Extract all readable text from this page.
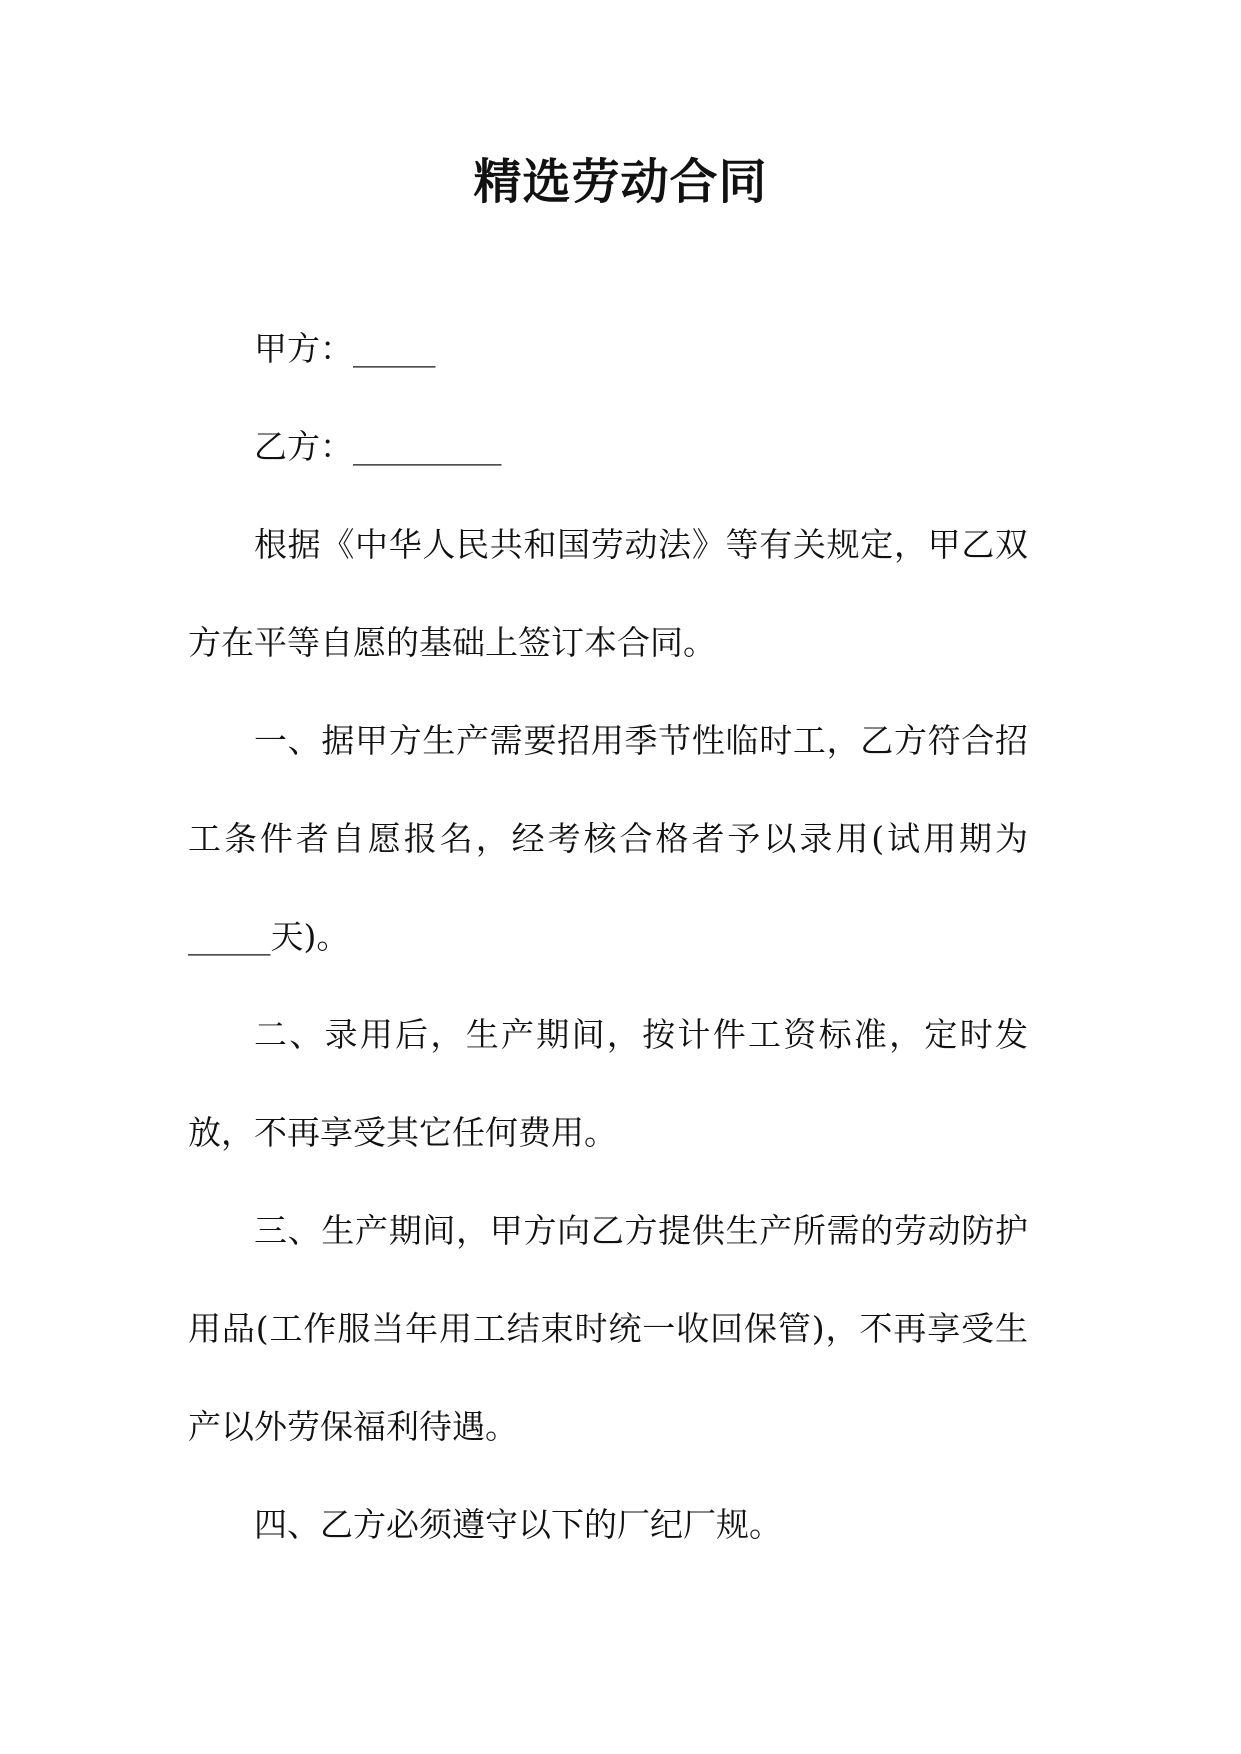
精选劳动合同

甲方：_____

乙方：_________

根据《中华人民共和国劳动法》等有关规定，甲乙双方在平等自愿的基础上签订本合同。

一、据甲方生产需要招用季节性临时工，乙方符合招工条件者自愿报名，经考核合格者予以录用(试用期为_____天)。

二、录用后，生产期间，按计件工资标准，定时发放，不再享受其它任何费用。

三、生产期间，甲方向乙方提供生产所需的劳动防护用品(工作服当年用工结束时统一收回保管)，不再享受生产以外劳保福利待遇。

四、乙方必须遵守以下的厂纪厂规。
